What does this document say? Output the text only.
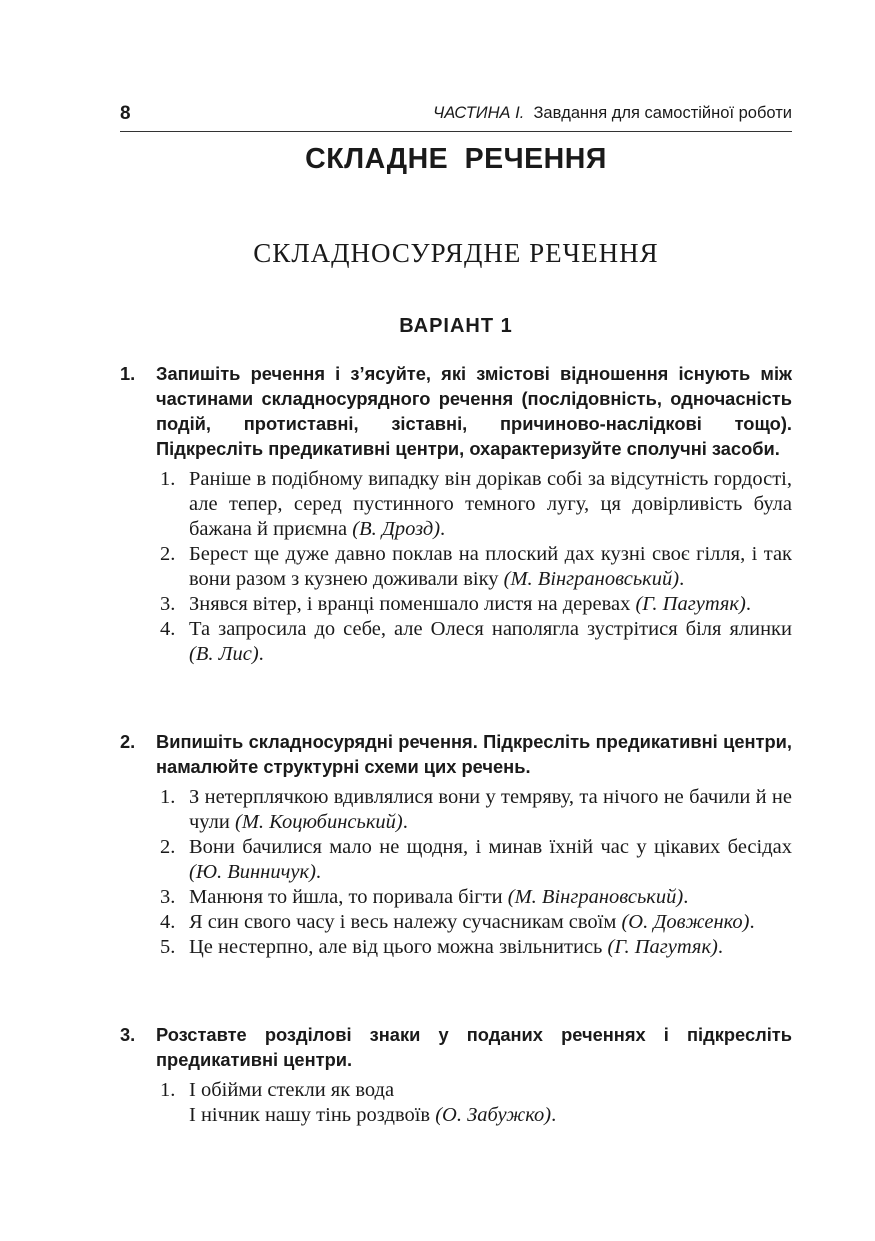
8	ЧАСТИНА I. Завдання для самостійної роботи
СКЛАДНЕ РЕЧЕННЯ
СКЛАДНОСУРЯДНЕ РЕЧЕННЯ
ВАРІАНТ 1
1. Запишіть речення і з’ясуйте, які змістові відношення існують між частинами складносурядного речення (послідовність, одночасність подій, протиставні, зіставні, причиново-наслідкові тощо). Підкресліть предикативні центри, охарактеризуйте сполучні засоби.
1. Раніше в подібному випадку він дорікав собі за відсутність гордості, але тепер, серед пустинного темного лугу, ця довірливість була бажана й приємна (В. Дрозд).
2. Берест ще дуже давно поклав на плоский дах кузні своє гілля, і так вони разом з кузнею доживали віку (М. Вінграновський).
3. Знявся вітер, і вранці поменшало листя на деревах (Г. Пагутяк).
4. Та запросила до себе, але Олеся наполягла зустрітися біля ялинки (В. Лис).
2. Випишіть складносурядні речення. Підкресліть предикативні центри, намалюйте структурні схеми цих речень.
1. З нетерплячкою вдивлялися вони у темряву, та нічого не бачили й не чули (М. Коцюбинський).
2. Вони бачилися мало не щодня, і минав їхній час у цікавих бесідах (Ю. Винничук).
3. Манюня то йшла, то поривала бігти (М. Вінграновський).
4. Я син свого часу і весь належу сучасникам своїм (О. Довженко).
5. Це нестерпно, але від цього можна звільнитись (Г. Пагутяк).
3. Розставте розділові знаки у поданих реченнях і підкресліть предикативні центри.
1. І обійми стекли як вода
І нічник нашу тінь роздвоїв (О. Забужко).
